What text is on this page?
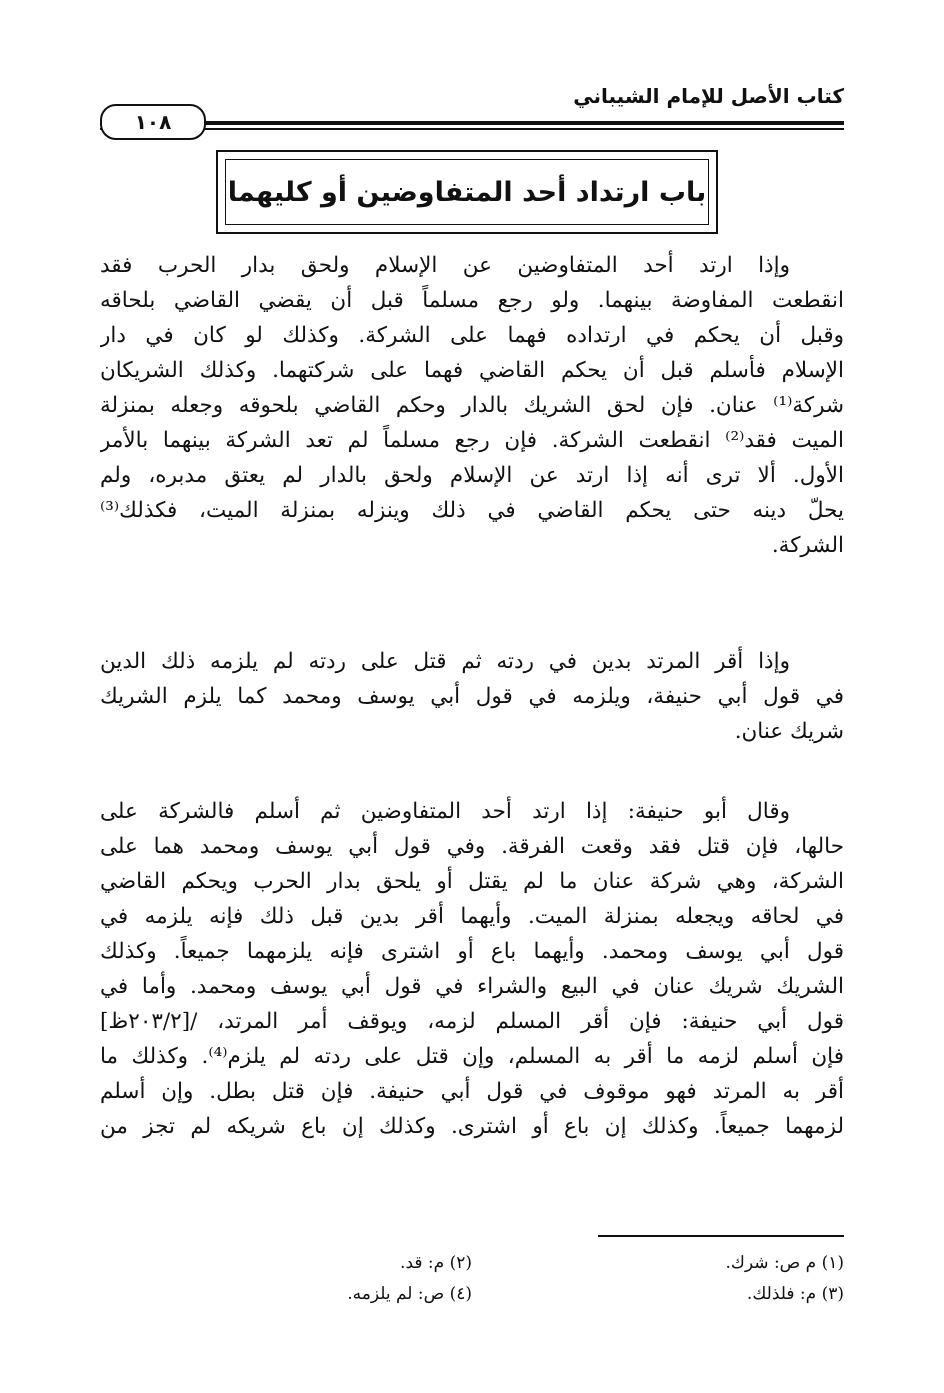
كتاب الأصل للإمام الشيباني
١٠٨
باب ارتداد أحد المتفاوضين أو كليهما
وإذا ارتد أحد المتفاوضين عن الإسلام ولحق بدار الحرب فقد
انقطعت المفاوضة بينهما. ولو رجع مسلماً قبل أن يقضي القاضي بلحاقه
وقبل أن يحكم في ارتداده فهما على الشركة. وكذلك لو كان في دار
الإسلام فأسلم قبل أن يحكم القاضي فهما على شركتهما. وكذلك الشريكان
شركة⁽¹⁾ عنان. فإن لحق الشريك بالدار وحكم القاضي بلحوقه وجعله بمنزلة
الميت فقد⁽²⁾ انقطعت الشركة. فإن رجع مسلماً لم تعد الشركة بينهما بالأمر
الأول. ألا ترى أنه إذا ارتد عن الإسلام ولحق بالدار لم يعتق مدبره، ولم
يحلّ دينه حتى يحكم القاضي في ذلك وينزله بمنزلة الميت، فكذلك⁽³⁾
الشركة.
وإذا أقر المرتد بدين في ردته ثم قتل على ردته لم يلزمه ذلك الدين
في قول أبي حنيفة، ويلزمه في قول أبي يوسف ومحمد كما يلزم الشريك
شريك عنان.
وقال أبو حنيفة: إذا ارتد أحد المتفاوضين ثم أسلم فالشركة على
حالها، فإن قتل فقد وقعت الفرقة. وفي قول أبي يوسف ومحمد هما على
الشركة، وهي شركة عنان ما لم يقتل أو يلحق بدار الحرب ويحكم القاضي
في لحاقه ويجعله بمنزلة الميت. وأيهما أقر بدين قبل ذلك فإنه يلزمه في
قول أبي يوسف ومحمد. وأيهما باع أو اشترى فإنه يلزمهما جميعاً. وكذلك
الشريك شريك عنان في البيع والشراء في قول أبي يوسف ومحمد. وأما في
قول أبي حنيفة: فإن أقر المسلم لزمه، ويوقف أمر المرتد، /[٢٠٣/٢ظ]
فإن أسلم لزمه ما أقر به المسلم، وإن قتل على ردته لم يلزم⁽⁴⁾. وكذلك ما
أقر به المرتد فهو موقوف في قول أبي حنيفة. فإن قتل بطل. وإن أسلم
لزمهما جميعاً. وكذلك إن باع أو اشترى. وكذلك إن باع شريكه لم تجز من
(١) م ص: شرك.
(٢) م: قد.
(٣) م: فلذلك.
(٤) ص: لم يلزمه.
